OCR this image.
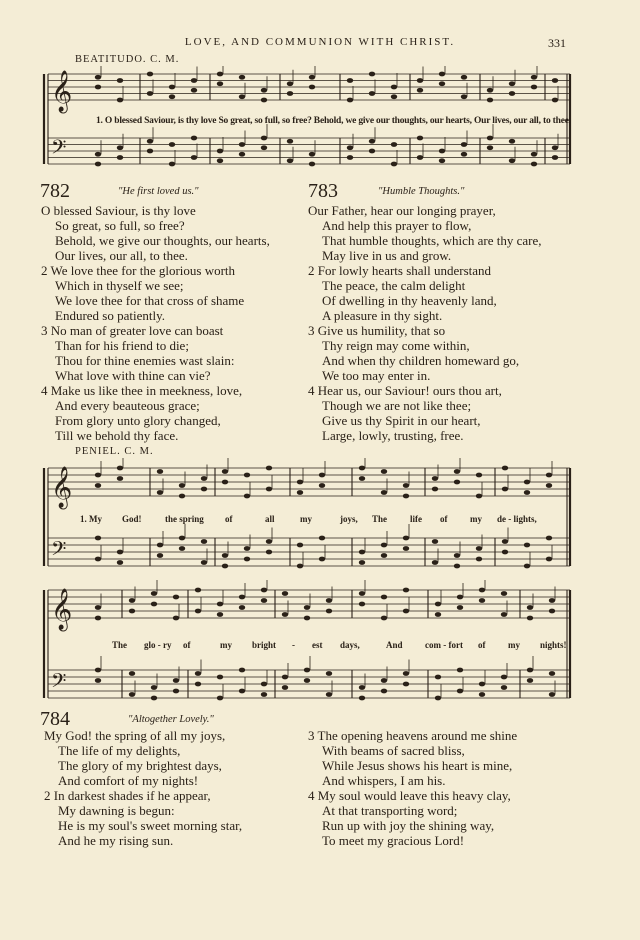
LOVE, AND COMMUNION WITH CHRIST.	331
BEATITUDO. C. M.
𝄞
𝄢
1. O blessed Saviour, is thy love So great, so full, so free? Behold, we give our thoughts, our hearts, Our lives, our all, to thee.
782	"He first loved us."
O blessed Saviour, is thy love
So great, so full, so free?
Behold, we give our thoughts, our hearts,
Our lives, our all, to thee.
2 We love thee for the glorious worth
Which in thyself we see;
We love thee for that cross of shame
Endured so patiently.
3 No man of greater love can boast
Than for his friend to die;
Thou for thine enemies wast slain:
What love with thine can vie?
4 Make us like thee in meekness, love,
And every beauteous grace;
From glory unto glory changed,
Till we behold thy face.
783	"Humble Thoughts."
Our Father, hear our longing prayer,
And help this prayer to flow,
That humble thoughts, which are thy care,
May live in us and grow.
2 For lowly hearts shall understand
The peace, the calm delight
Of dwelling in thy heavenly land,
A pleasure in thy sight.
3 Give us humility, that so
Thy reign may come within,
And when thy children homeward go,
We too may enter in.
4 Hear us, our Saviour! ours thou art,
Though we are not like thee;
Give us thy Spirit in our heart,
Large, lowly, trusting, free.
PENIEL. C. M.
𝄞
𝄢
𝄞
𝄢
1. My God!	the spring of	all	my	joys, The	life of	my de - lights,
The glo - ry of	my bright - est days,	And com - fort of	my nights!
784	"Altogether Lovely."
My God! the spring of all my joys,
The life of my delights,
The glory of my brightest days,
And comfort of my nights!
2 In darkest shades if he appear,
My dawning is begun:
He is my soul's sweet morning star,
And he my rising sun.
3 The opening heavens around me shine
With beams of sacred bliss,
While Jesus shows his heart is mine,
And whispers, I am his.
4 My soul would leave this heavy clay,
At that transporting word;
Run up with joy the shining way,
To meet my gracious Lord!
